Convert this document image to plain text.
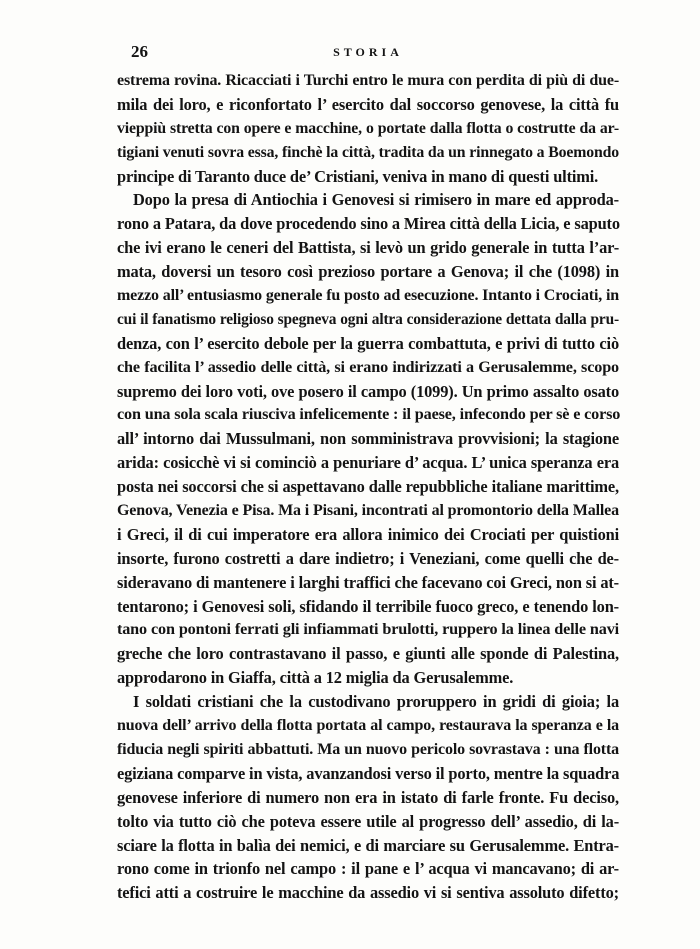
26	STORIA
estrema rovina. Ricacciati i Turchi entro le mura con perdita di più di due-
mila dei loro, e riconfortato l’ esercito dal soccorso genovese, la città fu
vieppiù stretta con opere e macchine, o portate dalla flotta o costrutte da ar-
tigiani venuti sovra essa, finchè la città, tradita da un rinnegato a Boemondo
principe di Taranto duce de’ Cristiani, veniva in mano di questi ultimi.
Dopo la presa di Antiochia i Genovesi si rimisero in mare ed approda-
rono a Patara, da dove procedendo sino a Mirea città della Licia, e saputo
che ivi erano le ceneri del Battista, si levò un grido generale in tutta l’ar-
mata, doversi un tesoro così prezioso portare a Genova; il che (1098) in
mezzo all’ entusiasmo generale fu posto ad esecuzione. Intanto i Crociati, in
cui il fanatismo religioso spegneva ogni altra considerazione dettata dalla pru-
denza, con l’ esercito debole per la guerra combattuta, e privi di tutto ciò
che facilita l’ assedio delle città, si erano indirizzati a Gerusalemme, scopo
supremo dei loro voti, ove posero il campo (1099). Un primo assalto osato
con una sola scala riusciva infelicemente : il paese, infecondo per sè e corso
all’ intorno dai Mussulmani, non somministrava provvisioni; la stagione
arida: cosicchè vi si cominciò a penuriare d’ acqua. L’ unica speranza era
posta nei soccorsi che si aspettavano dalle repubbliche italiane marittime,
Genova, Venezia e Pisa. Ma i Pisani, incontrati al promontorio della Mallea
i Greci, il di cui imperatore era allora inimico dei Crociati per quistioni
insorte, furono costretti a dare indietro; i Veneziani, come quelli che de-
sideravano di mantenere i larghi traffici che facevano coi Greci, non si at-
tentarono; i Genovesi soli, sfidando il terribile fuoco greco, e tenendo lon-
tano con pontoni ferrati gli infiammati brulotti, ruppero la linea delle navi
greche che loro contrastavano il passo, e giunti alle sponde di Palestina,
approdarono in Giaffa, città a 12 miglia da Gerusalemme.
I soldati cristiani che la custodivano proruppero in gridi di gioia; la
nuova dell’ arrivo della flotta portata al campo, restaurava la speranza e la
fiducia negli spiriti abbattuti. Ma un nuovo pericolo sovrastava : una flotta
egiziana comparve in vista, avanzandosi verso il porto, mentre la squadra
genovese inferiore di numero non era in istato di farle fronte. Fu deciso,
tolto via tutto ciò che poteva essere utile al progresso dell’ assedio, di la-
sciare la flotta in balìa dei nemici, e di marciare su Gerusalemme. Entra-
rono come in trionfo nel campo : il pane e l’ acqua vi mancavano; di ar-
tefici atti a costruire le macchine da assedio vi si sentiva assoluto difetto;
